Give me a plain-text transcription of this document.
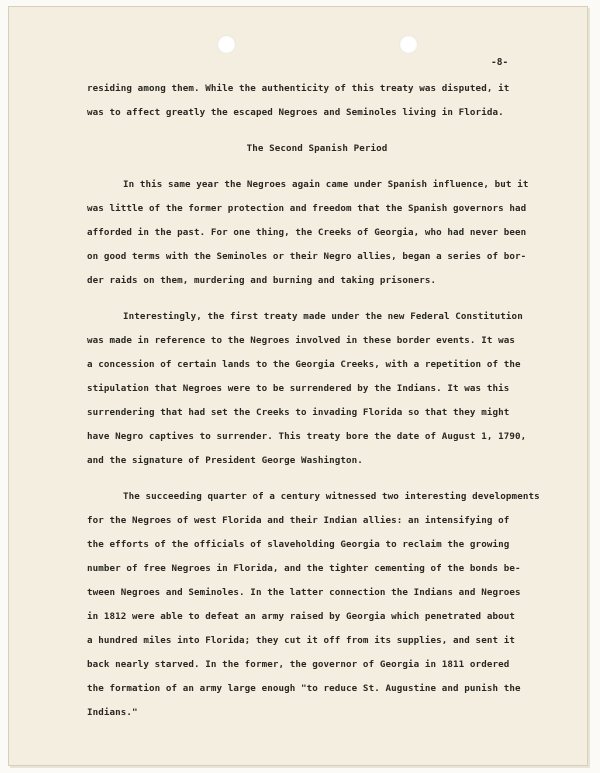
-8-
residing among them. While the authenticity of this treaty was disputed, it
was to affect greatly the escaped Negroes and Seminoles living in Florida.
The Second Spanish Period
In this same year the Negroes again came under Spanish influence, but it
was little of the former protection and freedom that the Spanish governors had
afforded in the past. For one thing, the Creeks of Georgia, who had never been
on good terms with the Seminoles or their Negro allies, began a series of bor-
der raids on them, murdering and burning and taking prisoners.
Interestingly, the first treaty made under the new Federal Constitution
was made in reference to the Negroes involved in these border events. It was
a concession of certain lands to the Georgia Creeks, with a repetition of the
stipulation that Negroes were to be surrendered by the Indians. It was this
surrendering that had set the Creeks to invading Florida so that they might
have Negro captives to surrender. This treaty bore the date of August 1, 1790,
and the signature of President George Washington.
The succeeding quarter of a century witnessed two interesting developments
for the Negroes of west Florida and their Indian allies: an intensifying of
the efforts of the officials of slaveholding Georgia to reclaim the growing
number of free Negroes in Florida, and the tighter cementing of the bonds be-
tween Negroes and Seminoles. In the latter connection the Indians and Negroes
in 1812 were able to defeat an army raised by Georgia which penetrated about
a hundred miles into Florida; they cut it off from its supplies, and sent it
back nearly starved. In the former, the governor of Georgia in 1811 ordered
the formation of an army large enough "to reduce St. Augustine and punish the
Indians."
